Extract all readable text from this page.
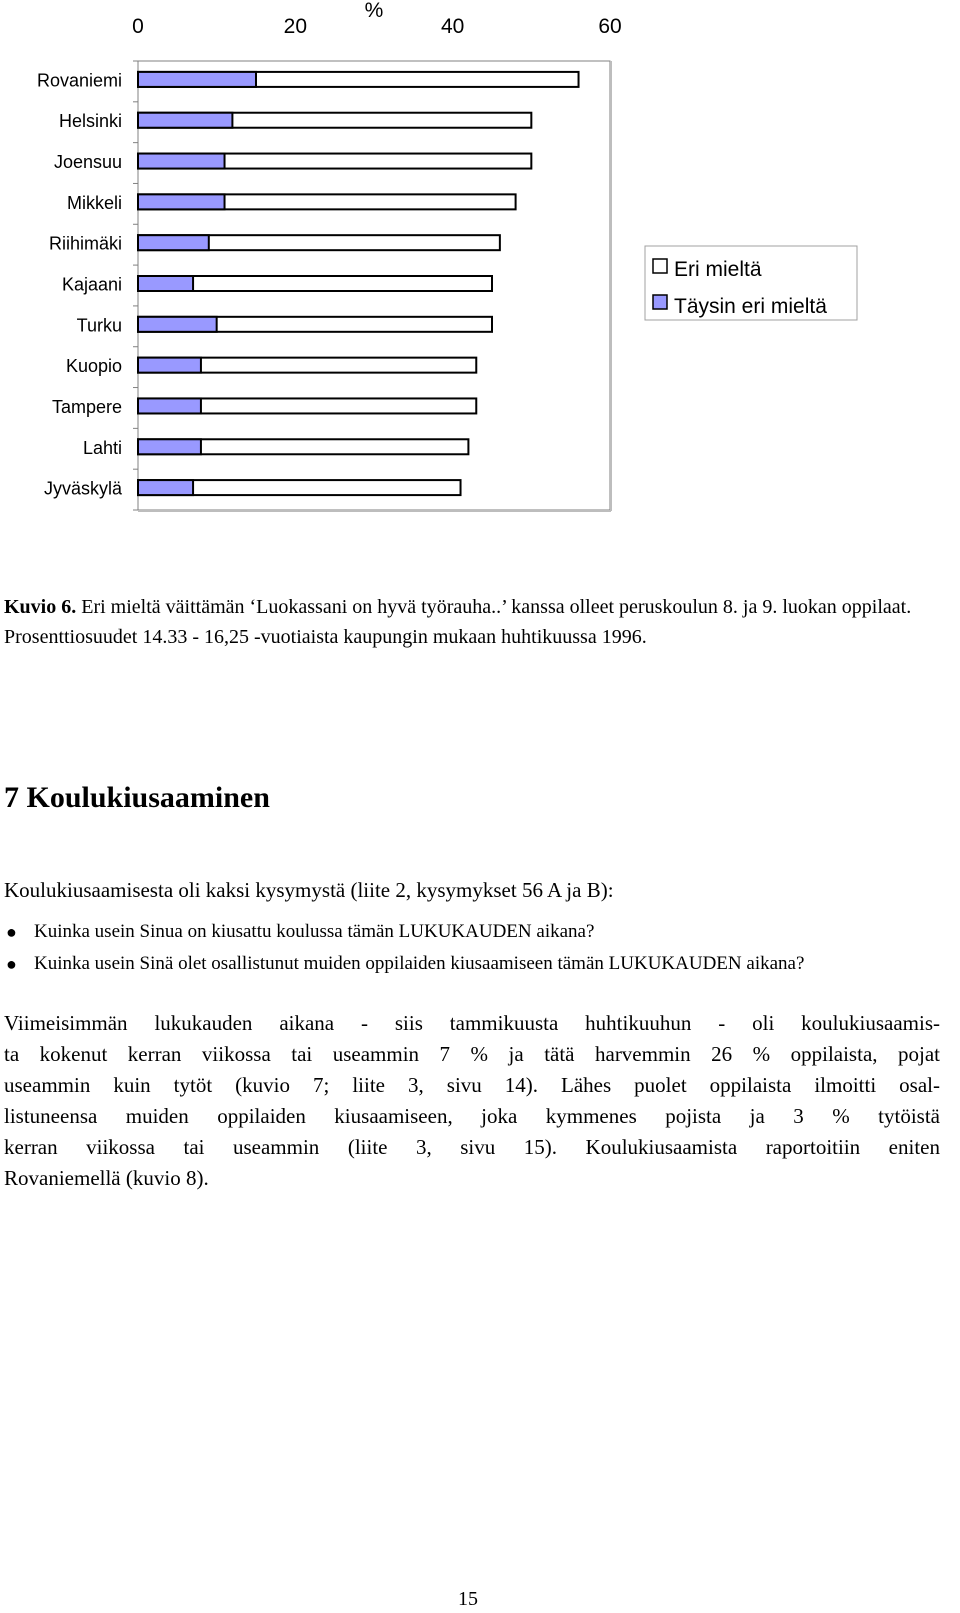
0	20	40	60
%
Rovaniemi
Helsinki
Joensuu
Mikkeli
Riihimäki
Kajaani
Turku
Kuopio
Tampere
Lahti
Jyväskylä
Eri mieltä
Täysin eri mieltä

Kuvio 6. Eri mieltä väittämän ‘Luokassani on hyvä työrauha..’ kanssa olleet peruskoulun 8. ja 9. luokan oppilaat. Prosenttiosuudet 14.33 - 16,25 -vuotiaista kaupungin mukaan huhtikuussa 1996.

7 Koulukiusaaminen

Koulukiusaamisesta oli kaksi kysymystä (liite 2, kysymykset 56 A ja B):

● Kuinka usein Sinua on kiusattu koulussa tämän LUKUKAUDEN aikana?
● Kuinka usein Sinä olet osallistunut muiden oppilaiden kiusaamiseen tämän LUKUKAUDEN aikana?

Viimeisimmän lukukauden aikana - siis tammikuusta huhtikuuhun - oli koulukiusaamis-
ta kokenut kerran viikossa tai useammin 7 % ja tätä harvemmin 26 % oppilaista, pojat
useammin kuin tytöt (kuvio 7; liite 3, sivu 14). Lähes puolet oppilaista ilmoitti osal-
listuneensa muiden oppilaiden kiusaamiseen, joka kymmenes pojista ja 3 % tytöistä
kerran viikossa tai useammin (liite 3, sivu 15). Koulukiusaamista raportoitiin eniten
Rovaniemellä (kuvio 8).

15
